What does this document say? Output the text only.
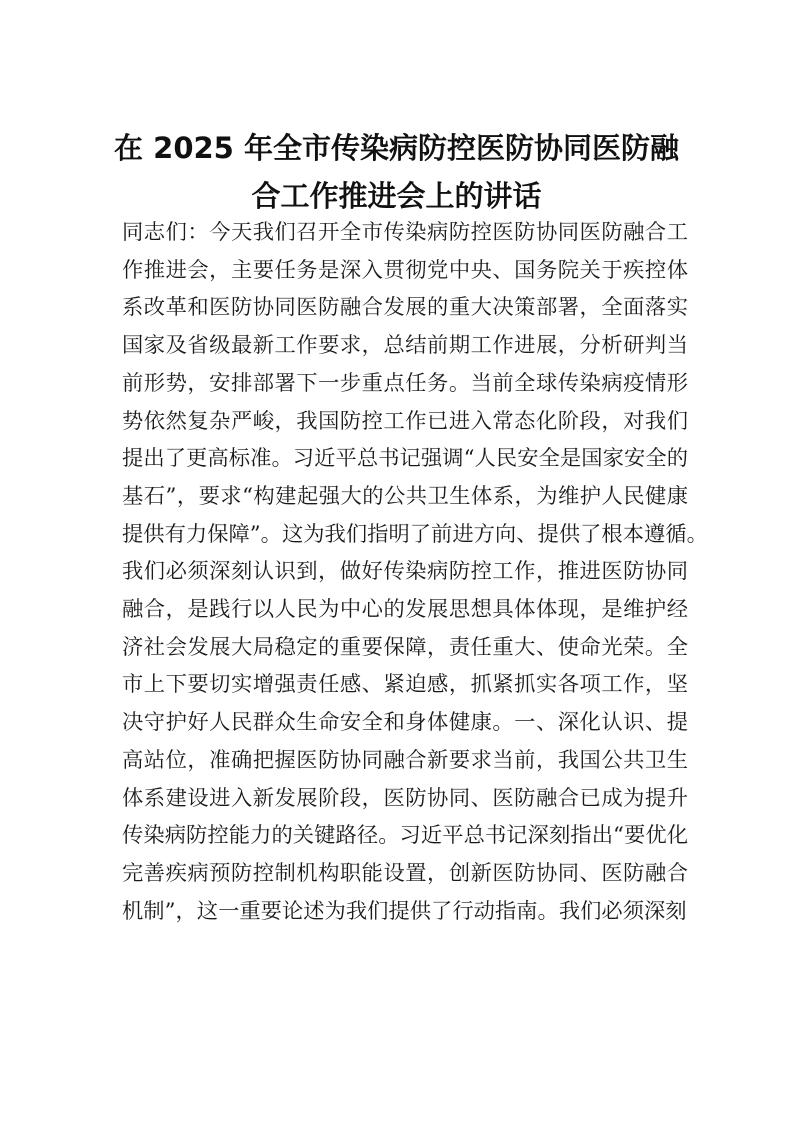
在 2025 年全市传染病防控医防协同医防融
合工作推进会上的讲话
同志们：今天我们召开全市传染病防控医防协同医防融合工
作推进会，主要任务是深入贯彻党中央、国务院关于疾控体
系改革和医防协同医防融合发展的重大决策部署，全面落实
国家及省级最新工作要求，总结前期工作进展，分析研判当
前形势，安排部署下一步重点任务。当前全球传染病疫情形
势依然复杂严峻，我国防控工作已进入常态化阶段，对我们
提出了更高标准。习近平总书记强调“人民安全是国家安全的
基石”，要求“构建起强大的公共卫生体系，为维护人民健康
提供有力保障”。这为我们指明了前进方向、提供了根本遵循。
我们必须深刻认识到，做好传染病防控工作，推进医防协同
融合，是践行以人民为中心的发展思想具体体现，是维护经
济社会发展大局稳定的重要保障，责任重大、使命光荣。全
市上下要切实增强责任感、紧迫感，抓紧抓实各项工作，坚
决守护好人民群众生命安全和身体健康。一、深化认识、提
高站位，准确把握医防协同融合新要求当前，我国公共卫生
体系建设进入新发展阶段，医防协同、医防融合已成为提升
传染病防控能力的关键路径。习近平总书记深刻指出“要优化
完善疾病预防控制机构职能设置，创新医防协同、医防融合
机制”，这一重要论述为我们提供了行动指南。我们必须深刻
